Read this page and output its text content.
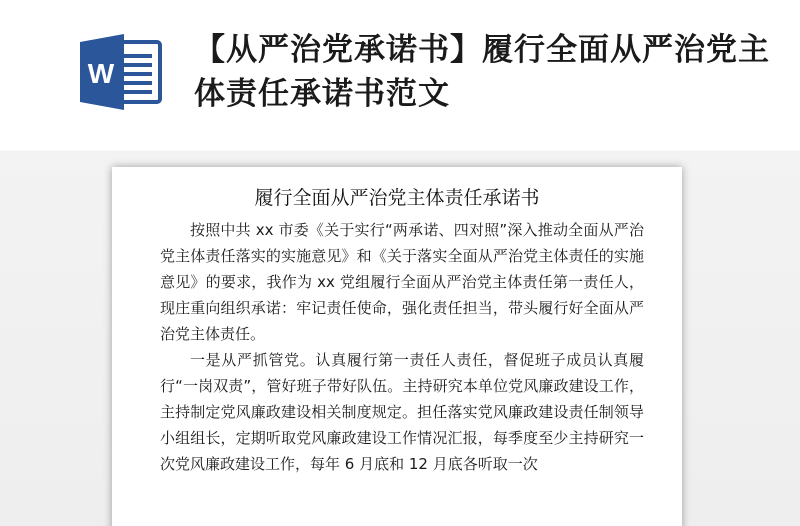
W
【从严治党承诺书】履行全面从严治党主体责任承诺书范文
履行全面从严治党主体责任承诺书

按照中共 xx 市委《关于实行“两承诺、四对照”深入推动全面从严治党主体责任落实的实施意见》和《关于落实全面从严治党主体责任的实施意见》的要求，我作为 xx 党组履行全面从严治党主体责任第一责任人，现庄重向组织承诺：牢记责任使命，强化责任担当，带头履行好全面从严治党主体责任。

一是从严抓管党。认真履行第一责任人责任，督促班子成员认真履行“一岗双责”，管好班子带好队伍。主持研究本单位党风廉政建设工作，主持制定党风廉政建设相关制度规定。担任落实党风廉政建设责任制领导小组组长，定期听取党风廉政建设工作情况汇报，每季度至少主持研究一次党风廉政建设工作，每年 6 月底和 12 月底各听取一次
